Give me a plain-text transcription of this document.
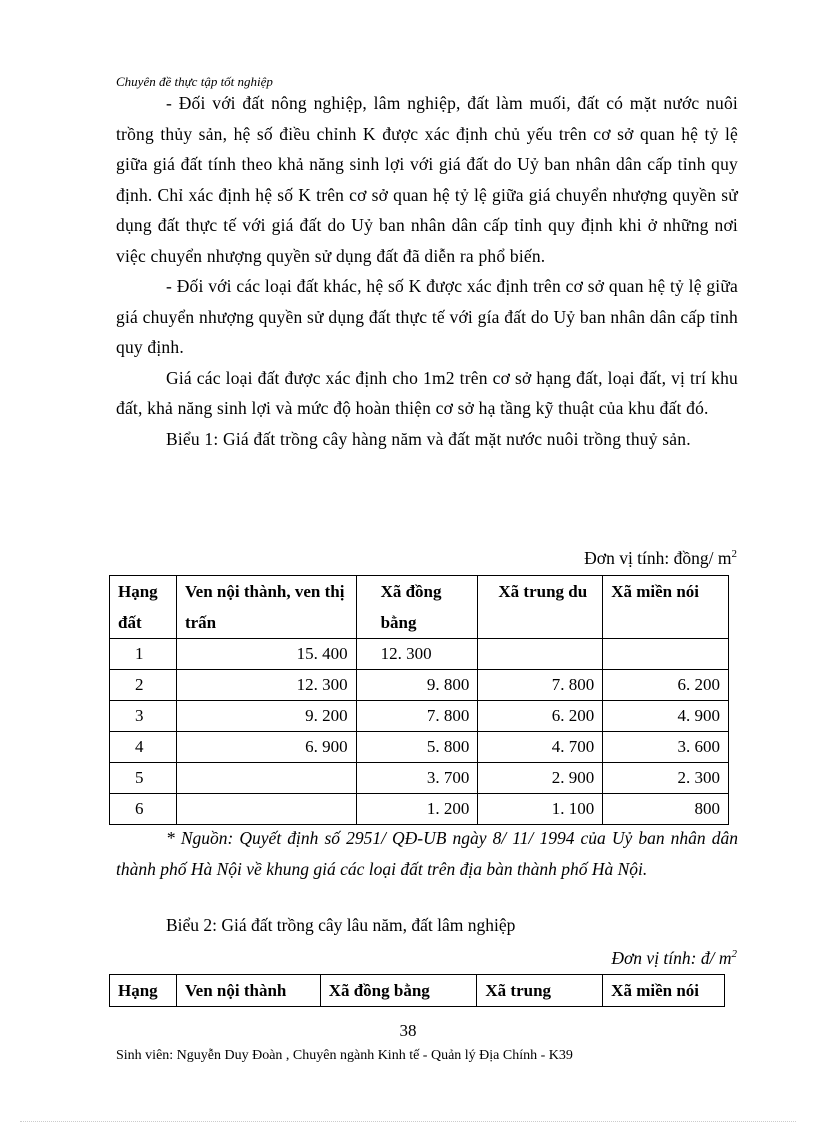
Chuyên đề thực tập tốt nghiệp

- Đối với đất nông nghiệp, lâm nghiệp, đất làm muối, đất có mặt nước nuôi trồng thủy sản, hệ số điều chỉnh K được xác định chủ yếu trên cơ sở quan hệ tỷ lệ giữa giá đất tính theo khả năng sinh lợi với giá đất do Uỷ ban nhân dân cấp tỉnh quy định. Chỉ xác định hệ số K trên cơ sở quan hệ tỷ lệ giữa giá chuyển nhượng quyền sử dụng đất thực tế với giá đất do Uỷ ban nhân dân cấp tỉnh quy định khi ở những nơi việc chuyển nhượng quyền sử dụng đất đã diễn ra phổ biến.

- Đối với các loại đất khác, hệ số K được xác định trên cơ sở quan hệ tỷ lệ giữa giá chuyển nhượng quyền sử dụng đất thực tế với gía đất do Uỷ ban nhân dân cấp tỉnh quy định.

Giá các loại đất được xác định cho 1m2 trên cơ sở hạng đất, loại đất, vị trí khu đất, khả năng sinh lợi và mức độ hoàn thiện cơ sở hạ tầng kỹ thuật của khu đất đó.

Biểu 1: Giá đất trồng cây hàng năm và đất mặt nước nuôi trồng thuỷ sản.

Đơn vị tính: đồng/ $m^2$
Hạng đất	Ven nội thành, ven thị trấn	Xã đồng bằng	Xã trung du	Xã miền nói
1	15. 400	12. 300		
2	12. 300	9. 800	7. 800	6. 200
3	9. 200	7. 800	6. 200	4. 900
4	6. 900	5. 800	4. 700	3. 600
5		3. 700	2. 900	2. 300
6		1. 200	1. 100	800
* Nguồn: Quyết định số 2951/ QĐ-UB ngày 8/ 11/ 1994 của Uỷ ban nhân dân thành phố Hà Nội về khung giá các loại đất trên địa bàn thành phố Hà Nội.
Biểu 2: Giá đất trồng cây lâu năm, đất lâm nghiệp
Đơn vị tính: đ/ $m^2$
Hạng	Ven nội thành	Xã đồng bằng	Xã trung	Xã miền nói
38
Sinh viên: Nguyễn Duy Đoàn , Chuyên ngành Kinh tế - Quản lý Địa Chính - K39
